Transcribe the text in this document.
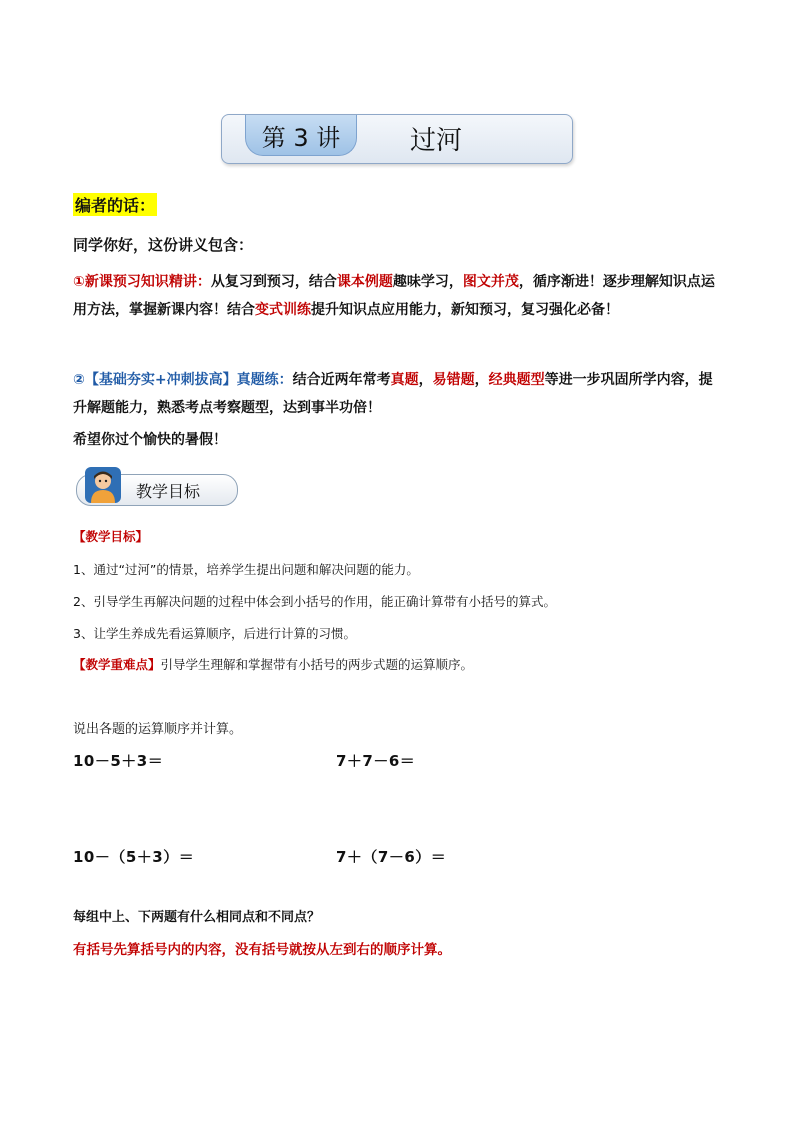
第 3 讲	过河
编者的话：
同学你好，这份讲义包含：
①新课预习知识精讲：从复习到预习，结合课本例题趣味学习，图文并茂，循序渐进！逐步理解知识点运用方法，掌握新课内容！结合变式训练提升知识点应用能力，新知预习，复习强化必备！
②【基础夯实+冲刺拔高】真题练：结合近两年常考真题，易错题，经典题型等进一步巩固所学内容，提升解题能力，熟悉考点考察题型，达到事半功倍！
希望你过个愉快的暑假！
教学目标
【教学目标】
1、通过“过河”的情景，培养学生提出问题和解决问题的能力。
2、引导学生再解决问题的过程中体会到小括号的作用，能正确计算带有小括号的算式。
3、让学生养成先看运算顺序，后进行计算的习惯。
【教学重难点】引导学生理解和掌握带有小括号的两步式题的运算顺序。
说出各题的运算顺序并计算。
10－5＋3＝	7＋7－6＝
10－（5＋3）＝	7＋（7－6）＝
每组中上、下两题有什么相同点和不同点？
有括号先算括号内的内容，没有括号就按从左到右的顺序计算。
